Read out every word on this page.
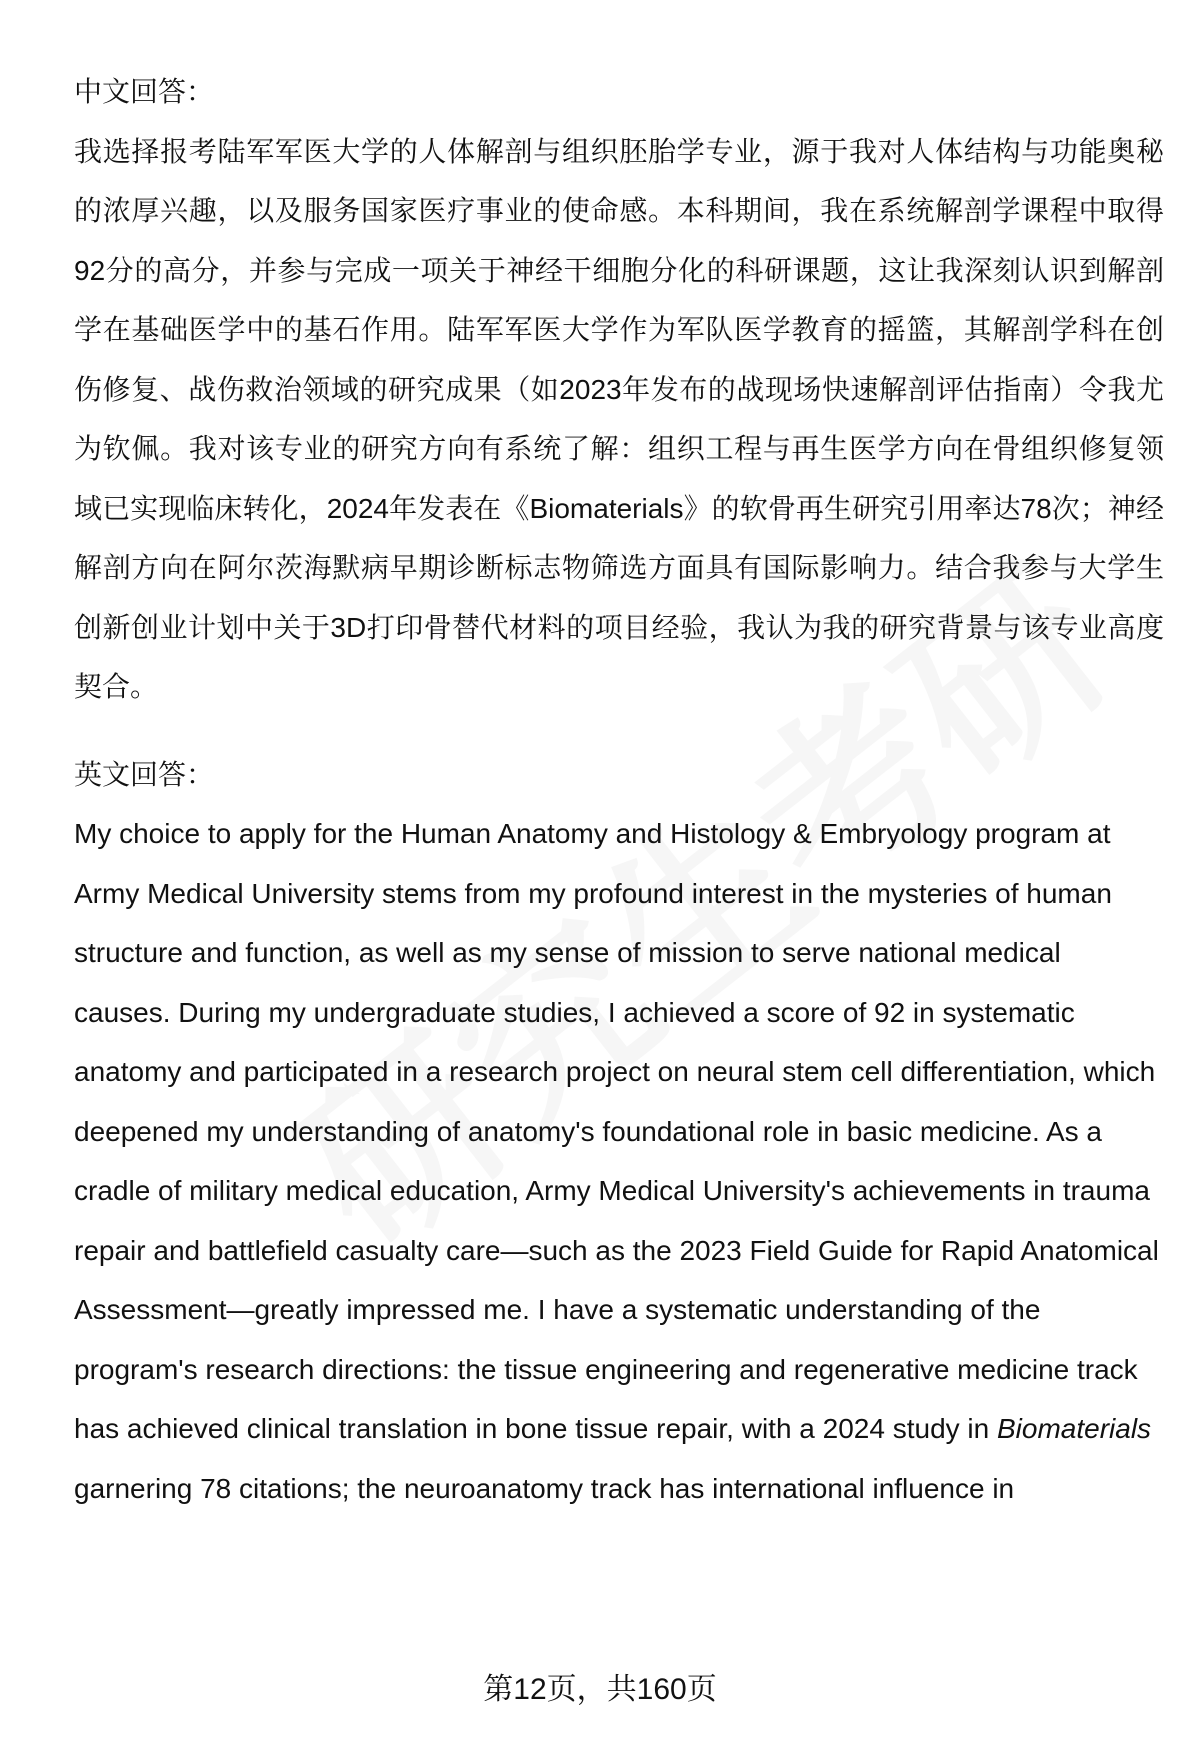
中文回答：

我选择报考陆军军医大学的人体解剖与组织胚胎学专业，源于我对人体结构与功能奥秘的浓厚兴趣，以及服务国家医疗事业的使命感。本科期间，我在系统解剖学课程中取得92分的高分，并参与完成一项关于神经干细胞分化的科研课题，这让我深刻认识到解剖学在基础医学中的基石作用。陆军军医大学作为军队医学教育的摇篮，其解剖学科在创伤修复、战伤救治领域的研究成果（如2023年发布的战现场快速解剖评估指南）令我尤为钦佩。我对该专业的研究方向有系统了解：组织工程与再生医学方向在骨组织修复领域已实现临床转化，2024年发表在《Biomaterials》的软骨再生研究引用率达78次；神经解剖方向在阿尔茨海默病早期诊断标志物筛选方面具有国际影响力。结合我参与大学生创新创业计划中关于3D打印骨替代材料的项目经验，我认为我的研究背景与该专业高度契合。

英文回答：

My choice to apply for the Human Anatomy and Histology & Embryology program at Army Medical University stems from my profound interest in the mysteries of human structure and function, as well as my sense of mission to serve national medical causes. During my undergraduate studies, I achieved a score of 92 in systematic anatomy and participated in a research project on neural stem cell differentiation, which deepened my understanding of anatomy's foundational role in basic medicine. As a cradle of military medical education, Army Medical University's achievements in trauma repair and battlefield casualty care—such as the 2023 Field Guide for Rapid Anatomical Assessment—greatly impressed me. I have a systematic understanding of the program's research directions: the tissue engineering and regenerative medicine track has achieved clinical translation in bone tissue repair, with a 2024 study in Biomaterials garnering 78 citations; the neuroanatomy track has international influence in

第12页，共160页
